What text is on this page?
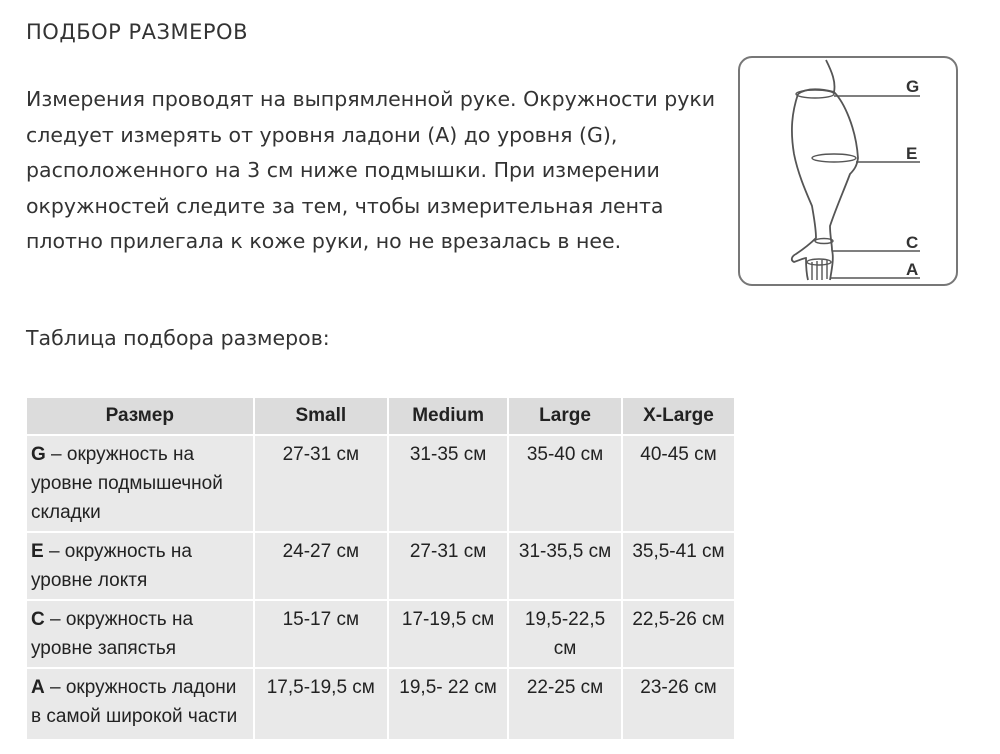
ПОДБОР РАЗМЕРОВ

Измерения проводят на выпрямленной руке. Окружности руки следует измерять от уровня ладони (A) до уровня (G), расположенного на 3 см ниже подмышки. При измерении окружностей следите за тем, чтобы измерительная лента плотно прилегала к коже руки, но не врезалась в нее.

G
E
C
A

Таблица подбора размеров:

Размер	Small	Medium	Large	X-Large
G – окружность на уровне подмышечной складки	27-31 см	31-35 см	35-40 см	40-45 см
E – окружность на уровне локтя	24-27 см	27-31 см	31-35,5 см	35,5-41 см
C – окружность на уровне запястья	15-17 см	17-19,5 см	19,5-22,5 см	22,5-26 см
A – окружность ладони в самой широкой части	17,5-19,5 см	19,5- 22 см	22-25 см	23-26 см
